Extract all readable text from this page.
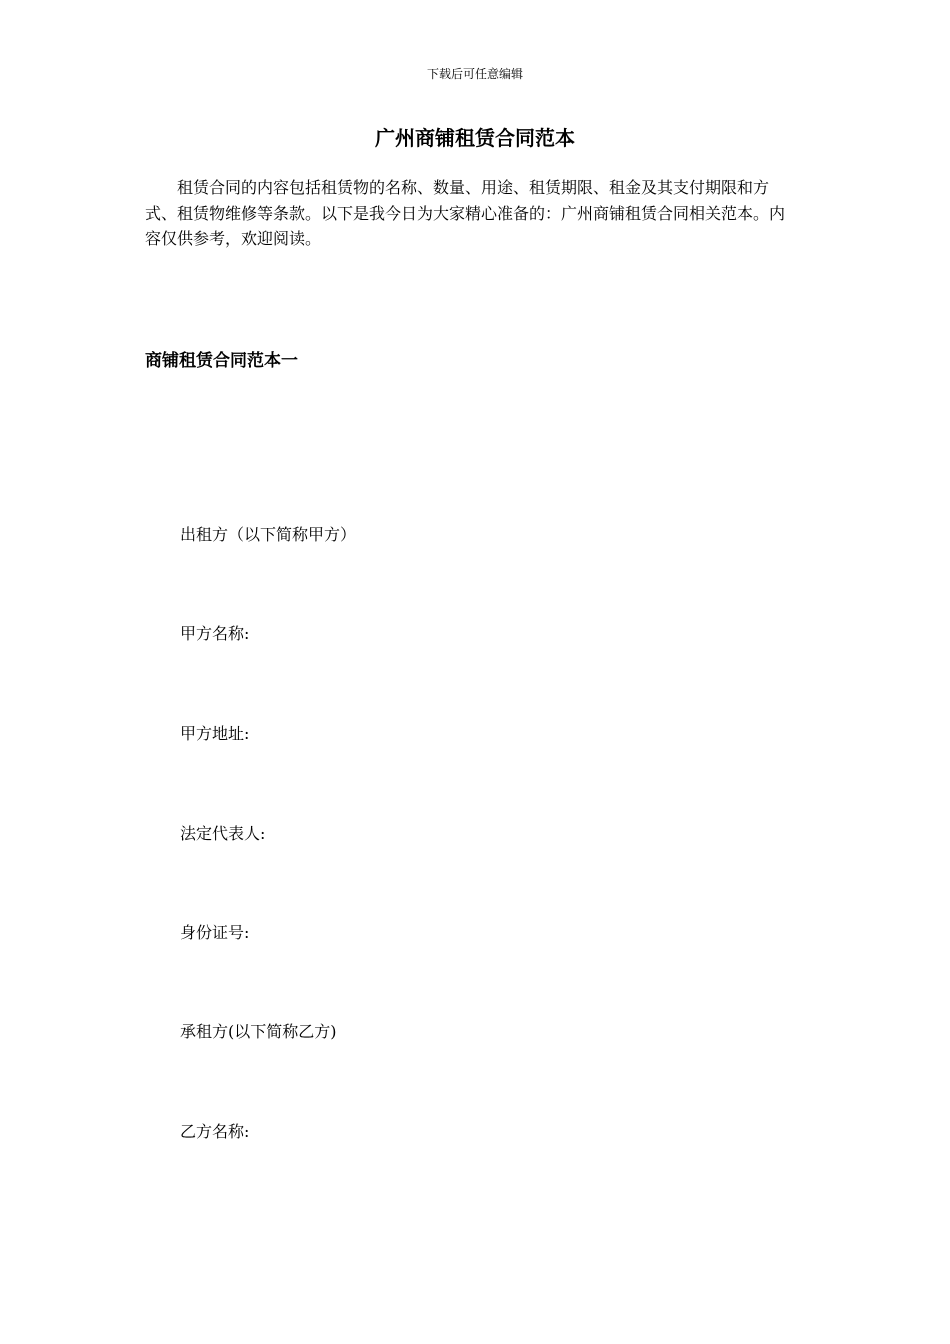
下载后可任意编辑
广州商铺租赁合同范本

租赁合同的内容包括租赁物的名称、数量、用途、租赁期限、租金及其支付期限和方式、租赁物维修等条款。以下是我今日为大家精心准备的：广州商铺租赁合同相关范本。内容仅供参考，欢迎阅读。

商铺租赁合同范本一
出租方（以下简称甲方）
甲方名称:
甲方地址:
法定代表人:
身份证号:
承租方(以下简称乙方)
乙方名称:
